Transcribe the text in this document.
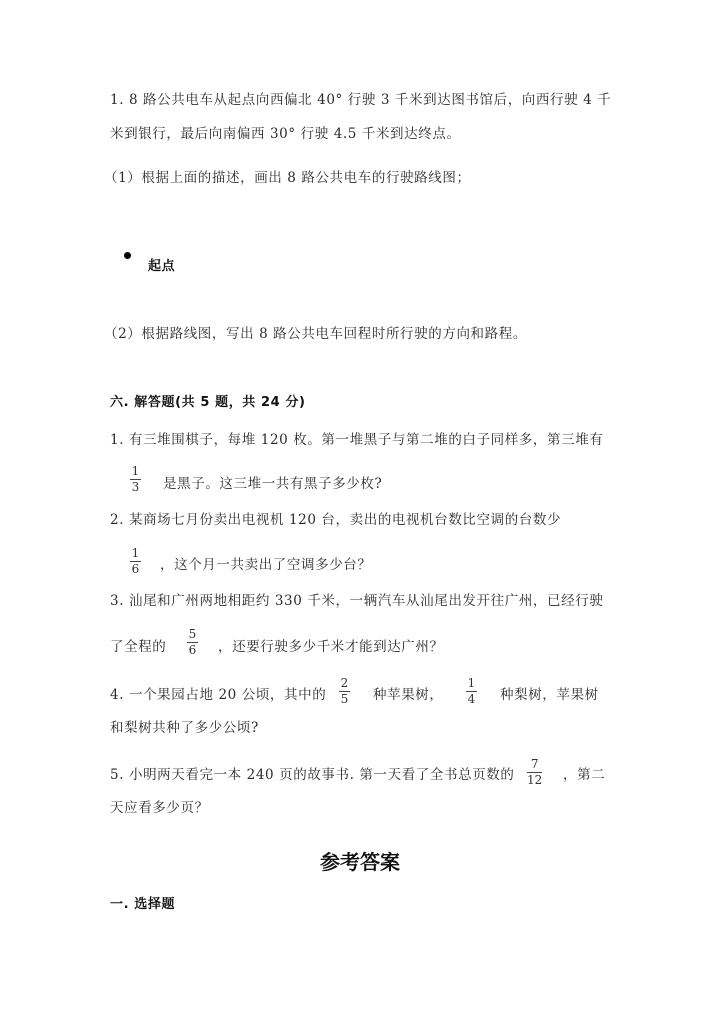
1. 8 路公共电车从起点向西偏北 40° 行驶 3 千米到达图书馆后，向西行驶 4 千
米到银行，最后向南偏西 30° 行驶 4.5 千米到达终点。
（1）根据上面的描述，画出 8 路公共电车的行驶路线图；
起点
（2）根据路线图，写出 8 路公共电车回程时所行驶的方向和路程。
六. 解答题(共 5 题，共 24 分)
1. 有三堆围棋子，每堆 120 枚。第一堆黑子与第二堆的白子同样多，第三堆有
1
3 是黑子。这三堆一共有黑子多少枚?
2. 某商场七月份卖出电视机 120 台，卖出的电视机台数比空调的台数少
1
6 ，这个月一共卖出了空调多少台？
3. 汕尾和广州两地相距约 330 千米，一辆汽车从汕尾出发开往广州，已经行驶
了全程的
5
6 ，还要行驶多少千米才能到达广州？
4. 一个果园占地 20 公顷，其中的
2
5 种苹果树，
1
4 种梨树，苹果树
和梨树共种了多少公顷?
5. 小明两天看完一本 240 页的故事书. 第一天看了全书总页数的
7
12 ，第二
天应看多少页？
参考答案
一. 选择题
